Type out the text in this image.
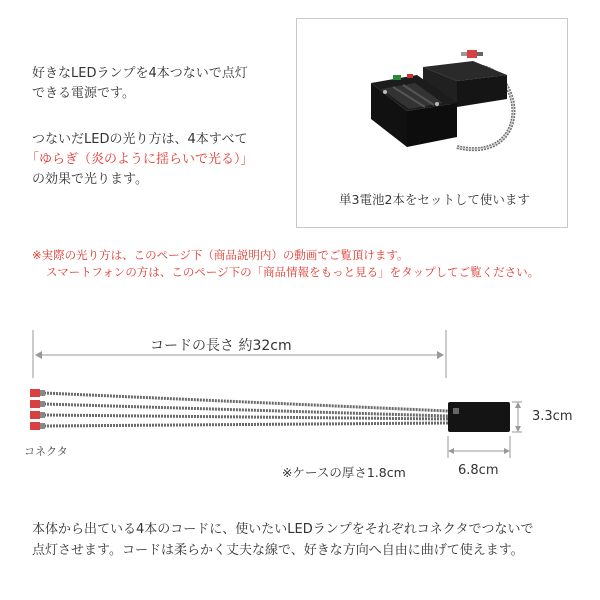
好きなLEDランプを4本つないで点灯
できる電源です。
つないだLEDの光り方は、4本すべて
「ゆらぎ（炎のように揺らいで光る）」
の効果で光ります。
単3電池2本をセットして使います
※実際の光り方は、このページ下（商品説明内）の動画でご覧頂けます。
スマートフォンの方は、このページ下の「商品情報をもっと見る」をタップしてご覧ください。
コードの長さ 約32cm
コネクタ
3.3cm
6.8cm
※ケースの厚さ1.8cm
本体から出ている4本のコードに、使いたいLEDランプをそれぞれコネクタでつないで
点灯させます。コードは柔らかく丈夫な線で、好きな方向へ自由に曲げて使えます。
